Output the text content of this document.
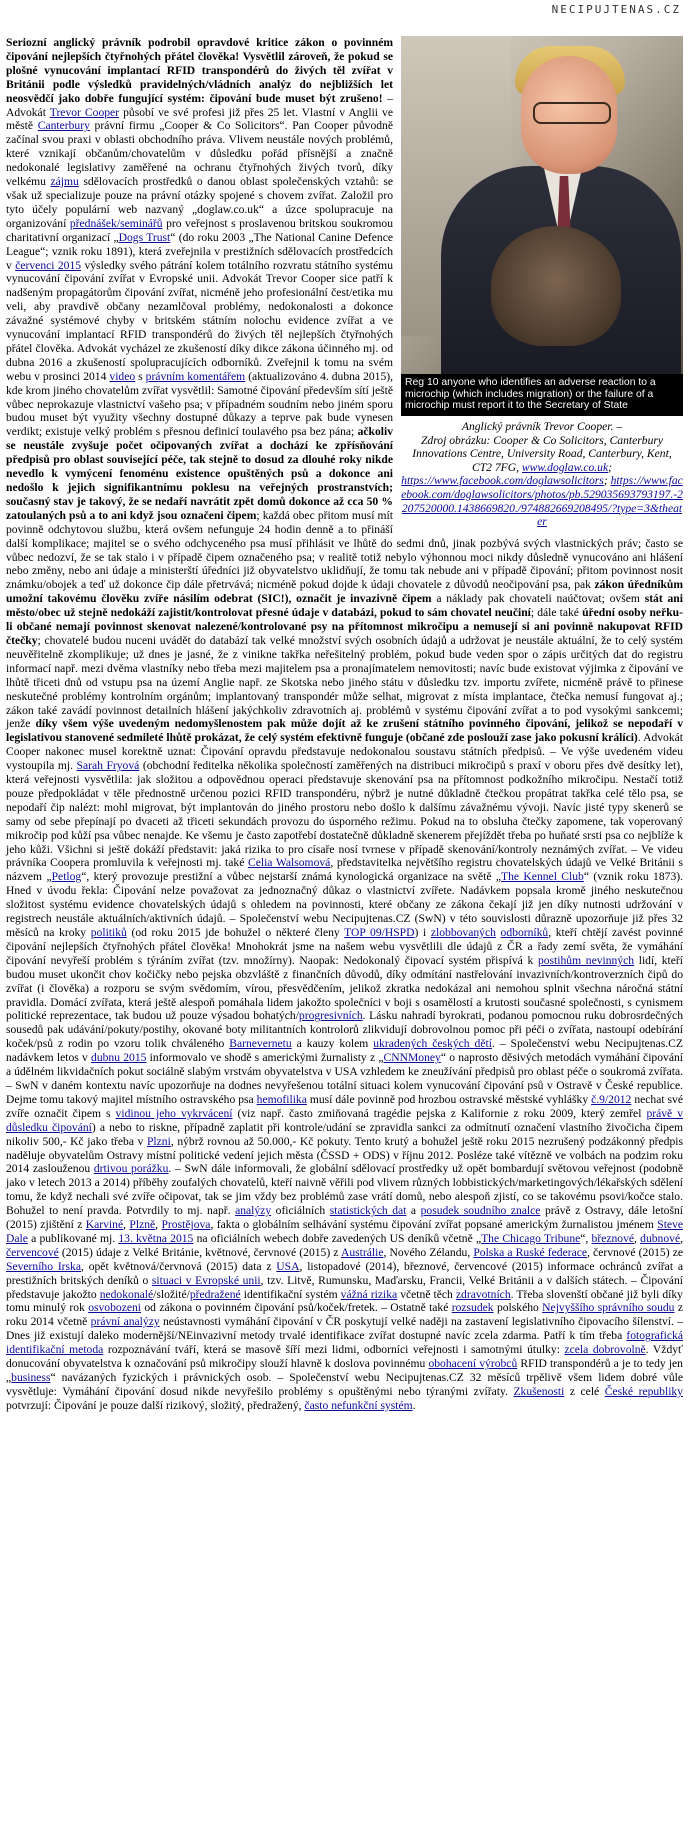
NECIPUJTENAS.CZ
Reg 10 anyone who identifies an adverse reaction to a microchip (which includes migration) or the failure of a microchip must report it to the Secretary of State
Anglický právník Trevor Cooper. –
Zdroj obrázku: Cooper & Co Solicitors, Canterbury Innovations Centre, University Road, Canterbury, Kent, CT2 7FG, www.doglaw.co.uk; https://www.facebook.com/doglawsolicitors; https://www.facebook.com/doglawsolicitors/photos/pb.529035693793197.-2207520000.1438669820./974882669208495/?type=3&theater

Seriozní anglický právník podrobil opravdové kritice zákon o povinném čipování nejlepších čtyřnohých přátel člověka! Vysvětlil zároveň, že pokud se plošné vynucování implantací RFID transpondérů do živých těl zvířat v Británii podle výsledků pravidelných/vládních analýz do nejbližších let neosvědčí jako dobře fungující systém: čipování bude muset být zrušeno! – Advokát Trevor Cooper působí ve své profesi již přes 25 let. Vlastní v Anglii ve městě Canterbury právní firmu „Cooper & Co Solicitors“. Pan Cooper původně začínal svou praxi v oblasti obchodního práva. Vlivem neustále nových problémů, které vznikají občanům/chovatelům v důsledku pořád přísnější a značně nedokonalé legislativy zaměřené na ochranu čtyřnohých živých tvorů, díky velkému zájmu sdělovacích prostředků o danou oblast společenských vztahů: se však už specializuje pouze na právní otázky spojené s chovem zvířat. Založil pro tyto účely populární web nazvaný „doglaw.co.uk“ a úzce spolupracuje na organizování přednášek/seminářů pro veřejnost s proslavenou britskou soukromou charitativní organizací „Dogs Trust“ (do roku 2003 „The National Canine Defence League“; vznik roku 1891), která zveřejnila v prestižních sdělovacích prostředcích v červenci 2015 výsledky svého pátrání kolem totálního rozvratu státního systému vynucování čipování zvířat v Evropské unii. Advokát Trevor Cooper sice patří k nadšeným propagátorům čipování zvířat, nicméně jeho profesionální čest/etika mu veli, aby pravdivě občany nezamlčoval problémy, nedokonalosti a dokonce závažné systémové chyby v britském státním nolochu evidence zvířat a ve vynucování implantací RFID transpondérů do živých těl nejlepších čtyřnohých přátel člověka. Advokát vycházel ze zkušeností díky dikce zákona účinného mj. od dubna 2016 a zkušeností spolupracujících odborníků. Zveřejnil k tomu na svém webu v prosinci 2014 video s právním komentářem (aktualizováno 4. dubna 2015), kde krom jiného chovatelům zvířat vysvětlil: Samotné čipování především sítí ještě vůbec neprokazuje vlastnictví vašeho psa; v případném soudním nebo jiném sporu budou muset být využity všechny dostupné důkazy a teprve pak bude vynesen verdikt; existuje velký problém s přesnou definicí toulavého psa bez pána; ačkoliv se neustále zvyšuje počet očipovaných zvířat a dochází ke zpřísňování předpisů pro oblast související péče, tak stejně to dosud za dlouhé roky nikde nevedlo k vymýcení fenoménu existence opuštěných psů a dokonce ani nedošlo k jejich signifikantnímu poklesu na veřejných prostranstvích; současný stav je takový, že se nedaří navrátit zpět domů dokonce až cca 50 % zatoulaných psů a to ani když jsou označeni čipem; každá obec přitom musí mít povinně odchytovou službu, která ovšem nefunguje 24 hodin denně a to přináší další komplikace; majitel se o svého odchyceného psa musí přihlásit ve lhůtě do sedmi dnů, jinak pozbývá svých vlastnických práv; často se vůbec nedozví, že se tak stalo i v případě čipem označeného psa; v realitě totiž nebylo výhonnou moci nikdy důsledně vynucováno ani hlášení nebo změny, nebo ani údaje a ministerští úředníci již obyvatelstvo uklidňují, že tomu tak nebude ani v případě čipování; přitom povinnost nosit známku/obojek a teď už dokonce čip dále přetrvává; nicméně pokud dojde k údaji chovatele z důvodů neočipování psa, pak zákon úředníkům umožní takovému člověku zvíře násilím odebrat (SIC!), označit je invazivně čipem a náklady pak chovateli naúčtovat; ovšem stát ani město/obec už stejně nedokáží zajistit/kontrolovat přesné údaje v databázi, pokud to sám chovatel neučiní; dále také úřední osoby neřku-li občané nemají povinnost skenovat nalezené/kontrolované psy na přítomnost mikročipu a nemusejí si ani povinně nakupovat RFID čtečky; chovatelé budou nuceni uvádět do databází tak velké množství svých osobních údajů a udržovat je neustále aktuální, že to celý systém neuvěřitelně zkomplikuje; už dnes je jasné, že z vinikne takřka neřešitelný problém, pokud bude veden spor o zápis určitých dat do registru informací např. mezi dvěma vlastníky nebo třeba mezi majitelem psa a pronajímatelem nemovitosti; navíc bude existovat výjimka z čipování ve lhůtě třiceti dnů od vstupu psa na území Anglie např. ze Skotska nebo jiného státu v důsledku tzv. importu zvířete, nicméně právě to přinese neskutečné problémy kontrolním orgánům; implantovaný transpondér může selhat, migrovat z místa implantace, čtečka nemusí fungovat aj.; zákon také zavádí povinnost detailních hlášení jakýchkoliv zdravotních aj. problémů v systému čipování zvířat a to pod vysokými sankcemi; jenže díky všem výše uvedeným nedomyšlenostem pak může dojít až ke zrušení státního povinného čipování, jelikož se nepodaří v legislativou stanovené sedmileté lhůtě prokázat, že celý systém efektivně funguje (občané zde poslouží zase jako pokusní králíci). Advokát Cooper nakonec musel korektně uznat: Čipování opravdu představuje nedokonalou soustavu státních předpisů. – Ve výše uvedeném videu vystoupila mj. Sarah Fryová (obchodní ředitelka několika společností zaměřených na distribuci mikročipů s praxí v oboru přes dvě desítky let), která veřejnosti vysvětlila: jak složitou a odpovědnou operaci představuje skenování psa na přítomnost podkožního mikročipu. Nestačí totiž pouze předpokládat v těle přednostně určenou pozici RFID transpondéru, nýbrž je nutné důkladně čtečkou propátrat takřka celé tělo psa, se nepodaří čip nalézt: mohl migrovat, být implantován do jiného prostoru nebo došlo k dalšímu závažnému vývoji. Navíc jisté typy skenerů se samy od sebe přepínají po dvaceti až třiceti sekundách provozu do úsporného režimu. Pokud na to obsluha čtečky zapomene, tak voperovaný mikročip pod kůží psa vůbec nenajde. Ke všemu je často zapotřebí dostatečně důkladně skenerem přejíždět třeba po huňaté srsti psa co nejblíže k jeho kůži. Všichni si ještě dokáží představit: jaká rizika to pro císaře nosí tvrnese v případě skenování/kontroly neznámých zvířat. – Ve videu právníka Coopera promluvila k veřejnosti mj. také Celia Walsomová, představitelka největšího registru chovatelských údajů ve Velké Británii s názvem „Petlog“, který provozuje prestižní a vůbec nejstarší známá kynologická organizace na světě „The Kennel Club“ (vznik roku 1873). Hned v úvodu řekla: Čipování nelze považovat za jednoznačný důkaz o vlastnictví zvířete. Nadávkem popsala kromě jiného neskutečnou složitost systému evidence chovatelských údajů s ohledem na povinnosti, které občany ze zákona čekají již jen díky nutnosti udržování v registrech neustále aktuálních/aktivních údajů. – Společenství webu Necipujtenas.CZ (SwN) v této souvislosti důrazně upozorňuje již přes 32 měsíců na kroky politiků (od roku 2015 jde bohužel o některé členy TOP 09/HSPD) i zlobbovaných odborníků, kteří chtějí zavést povinné čipování nejlepších čtyřnohých přátel člověka! Mnohokrát jsme na našem webu vysvětlili dle údajů z ČR a řady zemí světa, že vymáhání čipování nevyřeší problém s týráním zvířat (tzv. množírny). Naopak: Nedokonalý čipovací systém přispívá k postihům nevinných lidí, kteří budou muset ukončit chov kočičky nebo pejska obzvláště z finančních důvodů, díky odmítání nastřelování invazivních/kontroverzních čipů do zvířat (i člověka) a rozporu se svým svědomím, vírou, přesvědčením, jelikož zkratka nedokázal ani nemohou splnit všechna náročná státní pravidla. Domácí zvířata, která ještě alespoň pomáhala lidem jakožto společníci v boji s osamělostí a krutosti současné společnosti, s cynismem politické reprezentace, tak budou už pouze výsadou bohatých/progresivních. Lásku nahradí byrokrati, podanou pomocnou ruku dobrosrdečných sousedů pak udávání/pokuty/postihy, okované boty militantních kontrolorů zlikvidují dobrovolnou pomoc při péči o zvířata, nastoupí odebírání koček/psů z rodin po vzoru tolik chváleného Barnevernetu a kauzy kolem ukradených českých dětí. – Společenství webu Necipujtenas.CZ nadávkem letos v dubnu 2015 informovalo ve shodě s americkými žurnalisty z „CNNMoney“ o naprosto děsivých metodách vymáhání čipování a údělném likvidačních pokut sociálně slabým vrstvám obyvatelstva v USA vzhledem ke zneužívání předpisů pro oblast péče o soukromá zvířata. – SwN v daném kontextu navíc upozorňuje na dodnes nevyřešenou totální situaci kolem vynucování čipování psů v Ostravě v České republice. Dejme tomu takový majitel místního ostravského psa hemofilika musí dále povinně pod hrozbou ostravské městské vyhlášky č.9/2012 nechat své zvíře označit čipem s vidinou jeho vykrvácení (viz např. často zmiňovaná tragédie pejska z Kalifornie z roku 2009, který zemřel právě v důsledku čipování) a nebo to riskne, případně zaplatit při kontrole/udání se zpravidla sankci za odmítnutí označení vlastního živočicha čipem nikoliv 500,- Kč jako třeba v Plzni, nýbrž rovnou až 50.000,- Kč pokuty. Tento krutý a bohužel ještě roku 2015 nezrušený podzákonný předpis naděluje obyvatelům Ostravy místní politické vedení jejich města (ČSSD + ODS) v říjnu 2012. Posléze také vítězně ve volbách na podzim roku 2014 zaslouženou drtivou porážku. – SwN dále informovali, že globální sdělovací prostředky už opět bombardují světovou veřejnost (podobně jako v letech 2013 a 2014) příběhy zoufalých chovatelů, kteří naivně věřili pod vlivem různých lobbistických/marketingových/lékařských sdělení tomu, že když nechali své zvíře očipovat, tak se jim vždy bez problémů zase vrátí domů, nebo alespoň zjistí, co se takovému psovi/kočce stalo. Bohužel to není pravda. Potvrdily to mj. např. analýzy oficiálních statistických dat a posudek soudního znalce právě z Ostravy, dále letošní (2015) zjištění z Karviné, Plzně, Prostějova, fakta o globálním selhávání systému čipování zvířat popsané americkým žurnalistou jménem Steve Dale a publikované mj. 13. května 2015 na oficiálních webech dobře zavedených US deníků včetně „The Chicago Tribune“, březnové, dubnové, červencové (2015) údaje z Velké Británie, květnové, červnové (2015) z Austrálie, Nového Zélandu, Polska a Ruské federace, červnové (2015) ze Severního Irska, opět květnová/červnová (2015) data z USA, listopadové (2014), březnové, červencové (2015) informace ochránců zvířat a prestižních britských deníků o situaci v Evropské unii, tzv. Litvě, Rumunsku, Maďarsku, Francii, Velké Británii a v dalších státech. – Čipování představuje jakožto nedokonalé/složité/předražené identifikační systém vážná rizika včetně těch zdravotních. Třeba slovenští občané již byli díky tomu minulý rok osvobozeni od zákona o povinném čipování psů/koček/fretek. – Ostatně také rozsudek polského Nejvyššího správního soudu z roku 2014 včetně právní analýzy neústavnosti vymáhání čipování v ČR poskytují velké naději na zastavení legislativního čipovacího šílenství. – Dnes již existují daleko modernější/NEinvazivní metody trvalé identifikace zvířat dostupné navíc zcela zdarma. Patří k tím třeba fotografická identifikační metoda rozpoznávání tváří, která se masově šíří mezi lidmi, odborníci veřejnosti i samotnými útulky: zcela dobrovolně. Vždyť donucování obyvatelstva k označování psů mikročipy slouží hlavně k doslova povinnému obohacení výrobců RFID transpondérů a je to tedy jen „business“ navázaných fyzických i právnických osob. – Společenství webu Necipujtenas.CZ 32 měsíců trpělivě všem lidem dobré vůle vysvětluje: Vymáhání čipování dosud nikde nevyřešilo problémy s opuštěnými nebo týranými zvířaty. Zkušenosti z celé České republiky potvrzují: Čipování je pouze další rizikový, složitý, předražený, často nefunkční systém.
